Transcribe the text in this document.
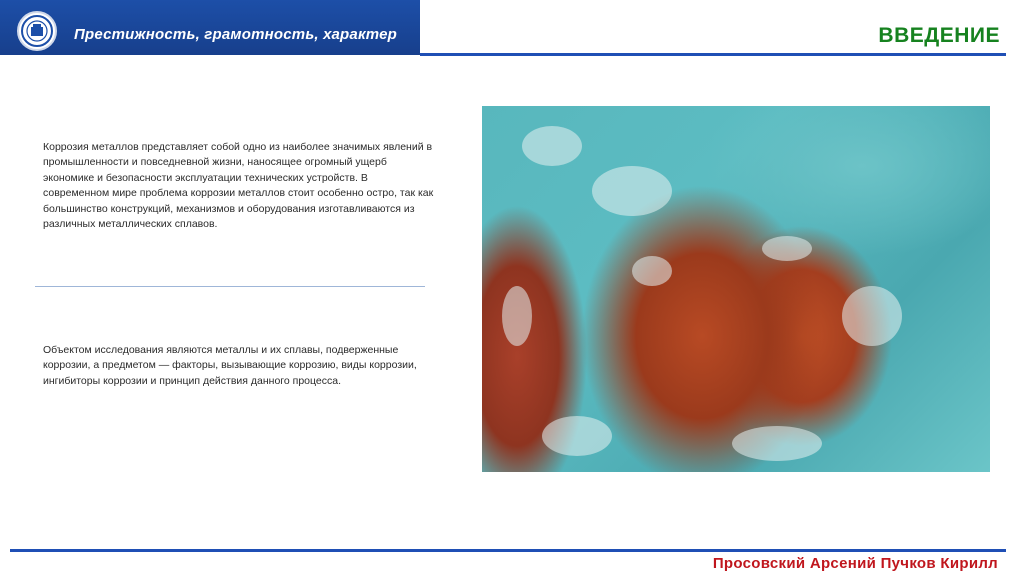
Престижность, грамотность, характер	ВВЕДЕНИЕ
Коррозия металлов представляет собой одно из наиболее значимых явлений в промышленности и повседневной жизни, наносящее огромный ущерб экономике и безопасности эксплуатации технических устройств. В современном мире проблема коррозии металлов стоит особенно остро, так как большинство конструкций, механизмов и оборудования изготавливаются из различных металлических сплавов.
Объектом исследования являются металлы и их сплавы, подверженные коррозии, а предметом — факторы, вызывающие коррозию, виды коррозии, ингибиторы коррозии и принцип действия данного процесса.
Просовский Арсений Пучков Кирилл
